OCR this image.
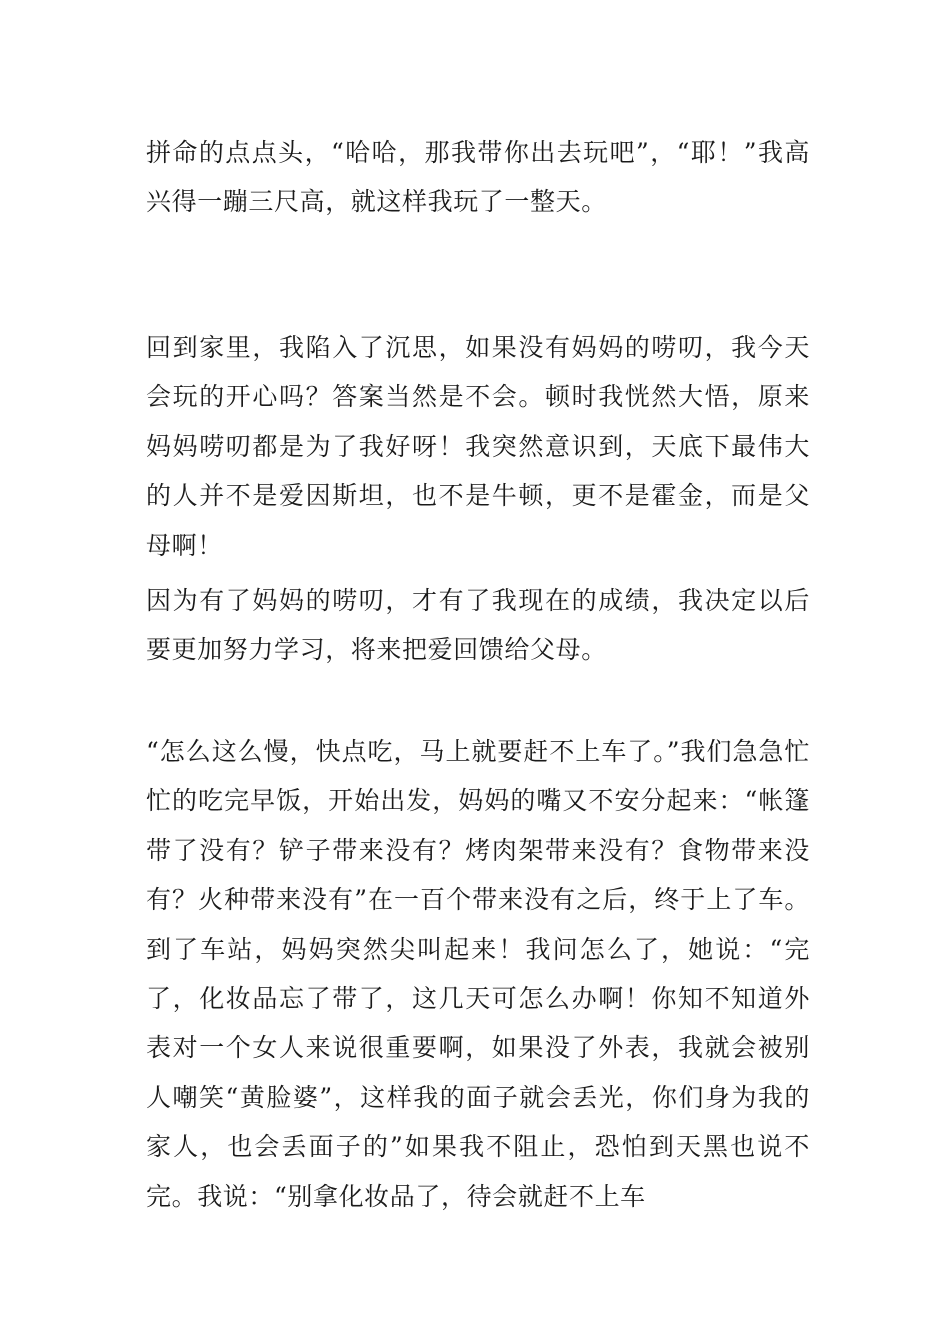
拼命的点点头，“哈哈，那我带你出去玩吧”，“耶！”我高兴得一蹦三尺高，就这样我玩了一整天。

回到家里，我陷入了沉思，如果没有妈妈的唠叨，我今天会玩的开心吗？答案当然是不会。顿时我恍然大悟，原来妈妈唠叨都是为了我好呀！我突然意识到，天底下最伟大的人并不是爱因斯坦，也不是牛顿，更不是霍金，而是父母啊！

因为有了妈妈的唠叨，才有了我现在的成绩，我决定以后要更加努力学习，将来把爱回馈给父母。

“怎么这么慢，快点吃，马上就要赶不上车了。”我们急急忙忙的吃完早饭，开始出发，妈妈的嘴又不安分起来：“帐篷带了没有？铲子带来没有？烤肉架带来没有？食物带来没有？火种带来没有”在一百个带来没有之后，终于上了车。到了车站，妈妈突然尖叫起来！我问怎么了，她说：“完了，化妆品忘了带了，这几天可怎么办啊！你知不知道外表对一个女人来说很重要啊，如果没了外表，我就会被别人嘲笑“黄脸婆”，这样我的面子就会丢光，你们身为我的家人，也会丢面子的”如果我不阻止，恐怕到天黑也说不完。我说：“别拿化妆品了，待会就赶不上车
